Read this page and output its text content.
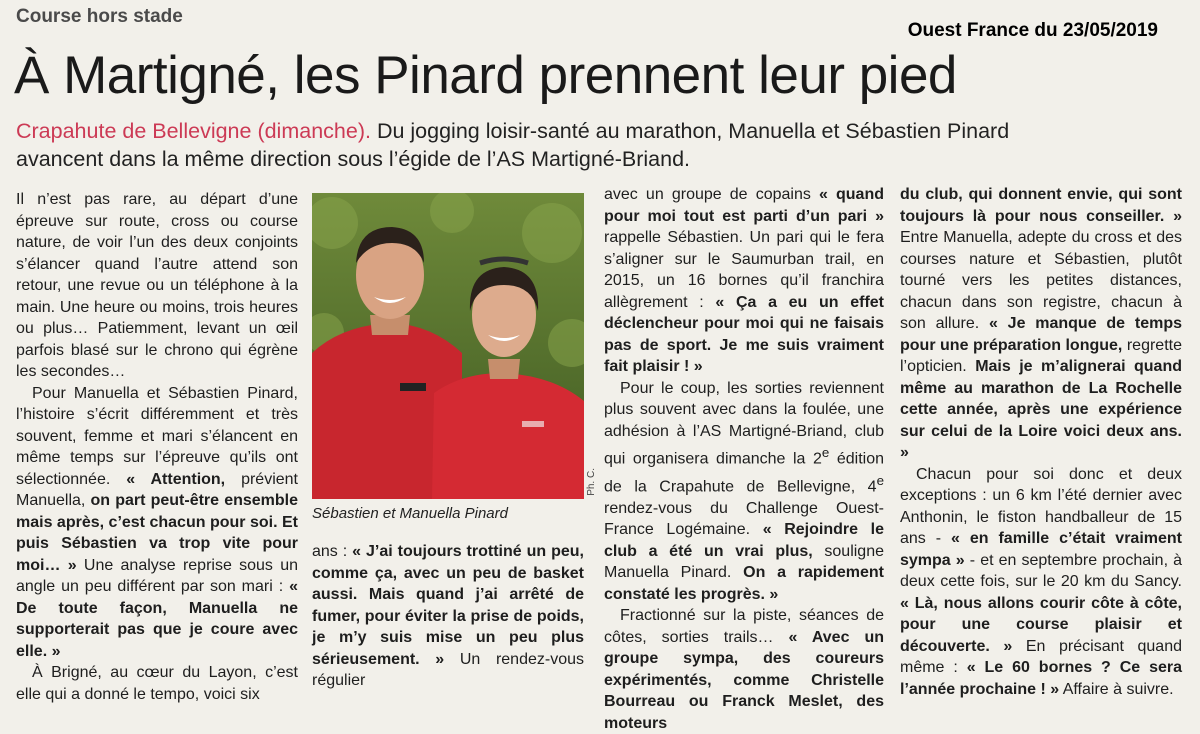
Course hors stade
Ouest France du 23/05/2019
À Martigné, les Pinard prennent leur pied
Crapahute de Bellevigne (dimanche). Du jogging loisir-santé au marathon, Manuella et Sébastien Pinard avancent dans la même direction sous l’égide de l’AS Martigné-Briand.

Il n’est pas rare, au départ d’une épreuve sur route, cross ou course nature, de voir l’un des deux conjoints s’élancer quand l’autre attend son retour, une revue ou un téléphone à la main. Une heure ou moins, trois heures ou plus… Patiemment, levant un œil parfois blasé sur le chrono qui égrène les secondes…

Pour Manuella et Sébastien Pinard, l’histoire s’écrit différemment et très souvent, femme et mari s’élancent en même temps sur l’épreuve qu’ils ont sélectionnée. « Attention, prévient Manuella, on part peut-être ensemble mais après, c’est chacun pour soi. Et puis Sébastien va trop vite pour moi… » Une analyse reprise sous un angle un peu différent par son mari : « De toute façon, Manuella ne supporterait pas que je coure avec elle. »

À Brigné, au cœur du Layon, c’est elle qui a donné le tempo, voici six

Ph. C.
Sébastien et Manuella Pinard

ans : « J’ai toujours trottiné un peu, comme ça, avec un peu de basket aussi. Mais quand j’ai arrêté de fumer, pour éviter la prise de poids, je m’y suis mise un peu plus sérieusement. » Un rendez-vous régulier

avec un groupe de copains « quand pour moi tout est parti d’un pari » rappelle Sébastien. Un pari qui le fera s’aligner sur le Saumurban trail, en 2015, un 16 bornes qu’il franchira allègrement : « Ça a eu un effet déclencheur pour moi qui ne faisais pas de sport. Je me suis vraiment fait plaisir ! »

Pour le coup, les sorties reviennent plus souvent avec dans la foulée, une adhésion à l’AS Martigné-Briand, club qui organisera dimanche la 2e édition de la Crapahute de Bellevigne, 4e rendez-vous du Challenge Ouest-France Logémaine. « Rejoindre le club a été un vrai plus, souligne Manuella Pinard. On a rapidement constaté les progrès. »

Fractionné sur la piste, séances de côtes, sorties trails… « Avec un groupe sympa, des coureurs expérimentés, comme Christelle Bourreau ou Franck Meslet, des moteurs

du club, qui donnent envie, qui sont toujours là pour nous conseiller. » Entre Manuella, adepte du cross et des courses nature et Sébastien, plutôt tourné vers les petites distances, chacun dans son registre, chacun à son allure. « Je manque de temps pour une préparation longue, regrette l’opticien. Mais je m’alignerai quand même au marathon de La Rochelle cette année, après une expérience sur celui de la Loire voici deux ans. »

Chacun pour soi donc et deux exceptions : un 6 km l’été dernier avec Anthonin, le fiston handballeur de 15 ans - « en famille c’était vraiment sympa » - et en septembre prochain, à deux cette fois, sur le 20 km du Sancy. « Là, nous allons courir côte à côte, pour une course plaisir et découverte. » En précisant quand même : « Le 60 bornes ? Ce sera l’année prochaine ! » Affaire à suivre.
